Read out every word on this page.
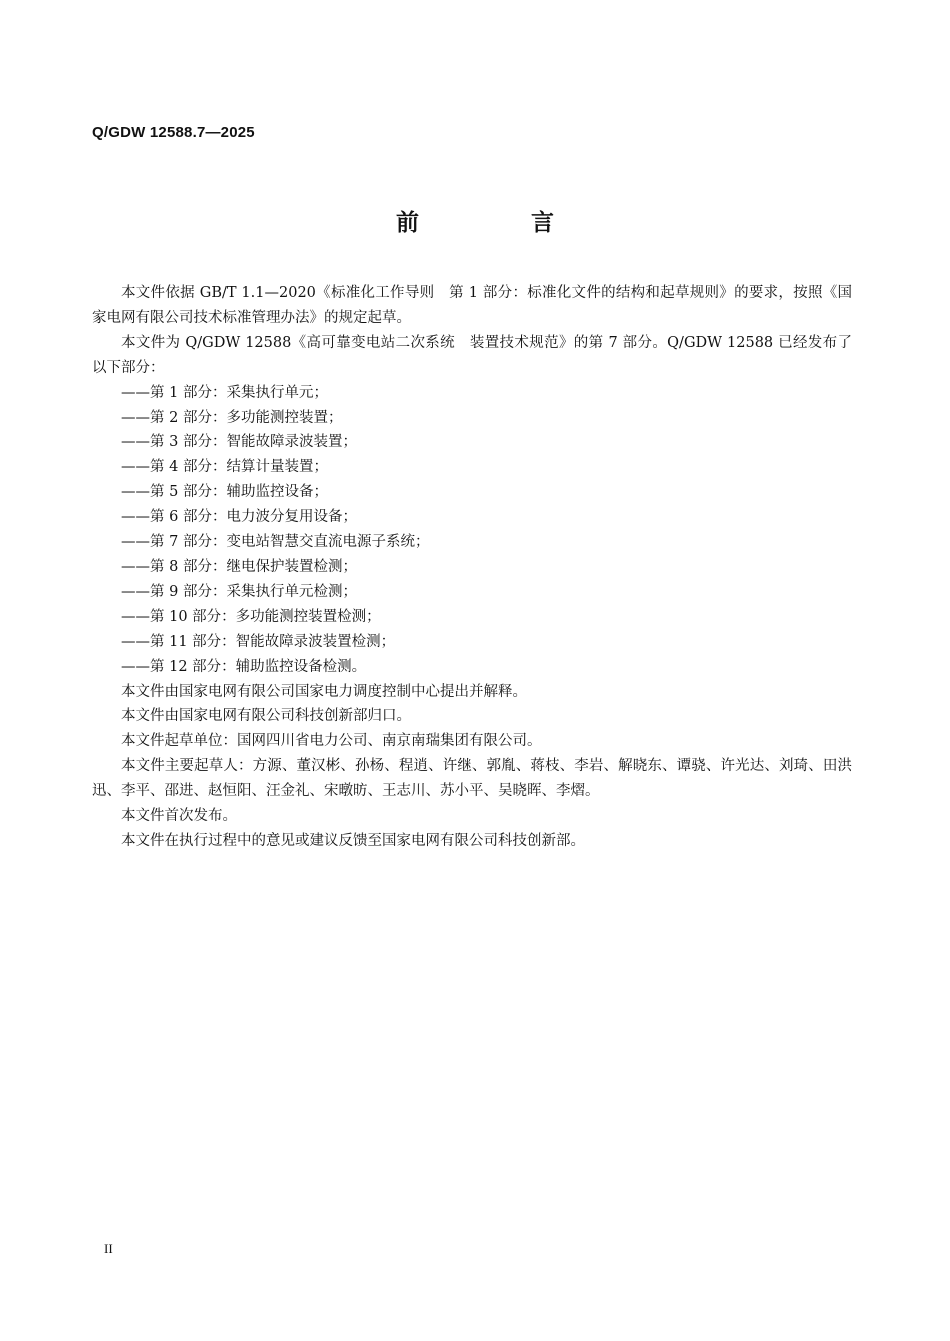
Q/GDW 12588.7—2025
前 言

本文件依据 GB/T 1.1—2020《标准化工作导则　第 1 部分：标准化文件的结构和起草规则》的要求，按照《国家电网有限公司技术标准管理办法》的规定起草。

本文件为 Q/GDW 12588《高可靠变电站二次系统　装置技术规范》的第 7 部分。Q/GDW 12588 已经发布了以下部分：

——第 1 部分：采集执行单元；

——第 2 部分：多功能测控装置；

——第 3 部分：智能故障录波装置；

——第 4 部分：结算计量装置；

——第 5 部分：辅助监控设备；

——第 6 部分：电力波分复用设备；

——第 7 部分：变电站智慧交直流电源子系统；

——第 8 部分：继电保护装置检测；

——第 9 部分：采集执行单元检测；

——第 10 部分：多功能测控装置检测；

——第 11 部分：智能故障录波装置检测；

——第 12 部分：辅助监控设备检测。

本文件由国家电网有限公司国家电力调度控制中心提出并解释。

本文件由国家电网有限公司科技创新部归口。

本文件起草单位：国网四川省电力公司、南京南瑞集团有限公司。

本文件主要起草人：方源、董汉彬、孙杨、程逍、许继、郭胤、蒋枝、李岩、解晓东、谭骁、许光达、刘琦、田洪迅、李平、邵进、赵恒阳、汪金礼、宋暾昉、王志川、苏小平、吴晓晖、李熠。

本文件首次发布。

本文件在执行过程中的意见或建议反馈至国家电网有限公司科技创新部。

II
